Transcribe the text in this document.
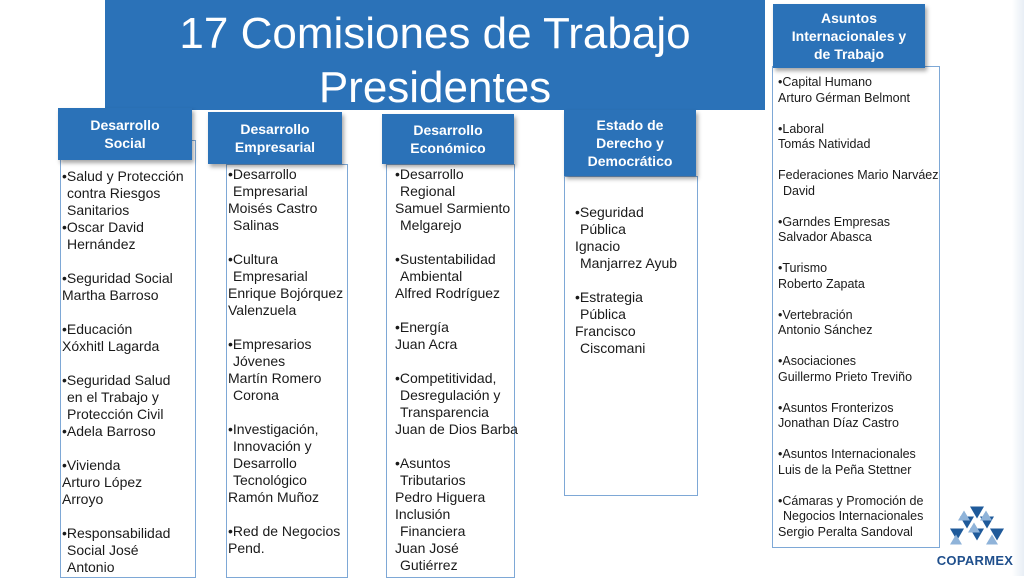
17 Comisiones de Trabajo
Presidentes
Desarrollo
Social
•Salud y Protección
contra Riesgos
Sanitarios
•Oscar David
Hernández
•Seguridad Social
Martha Barroso
•Educación
Xóxhitl Lagarda
•Seguridad Salud
en el Trabajo y
Protección Civil
•Adela Barroso
•Vivienda
Arturo López
Arroyo
•Responsabilidad
Social José
Antonio
Desarrollo
Empresarial
•Desarrollo
Empresarial
Moisés Castro
Salinas
•Cultura
Empresarial
Enrique Bojórquez
Valenzuela
•Empresarios
Jóvenes
Martín Romero
Corona
•Investigación,
Innovación y
Desarrollo
Tecnológico
Ramón Muñoz
•Red de Negocios
Pend.
Desarrollo
Económico
•Desarrollo
Regional
Samuel Sarmiento
Melgarejo
•Sustentabilidad
Ambiental
Alfred Rodríguez
•Energía
Juan Acra
•Competitividad,
Desregulación y
Transparencia
Juan de Dios Barba
•Asuntos
Tributarios
Pedro Higuera
Inclusión
Financiera
Juan José
Gutiérrez
Estado de
Derecho y
Democrático
•Seguridad
Pública
Ignacio
Manjarrez Ayub
•Estrategia
Pública
Francisco
Ciscomani
Asuntos
Internacionales y
de Trabajo
•Capital Humano
Arturo Gérman Belmont
•Laboral
Tomás Natividad
Federaciones Mario Narváez
David
•Garndes Empresas
Salvador Abasca
•Turismo
Roberto Zapata
•Vertebración
Antonio Sánchez
•Asociaciones
Guillermo Prieto Treviño
•Asuntos Fronterizos
Jonathan Díaz Castro
•Asuntos Internacionales
Luis de la Peña Stettner
•Cámaras y Promoción de
Negocios Internacionales
Sergio Peralta Sandoval
COPARMEX
